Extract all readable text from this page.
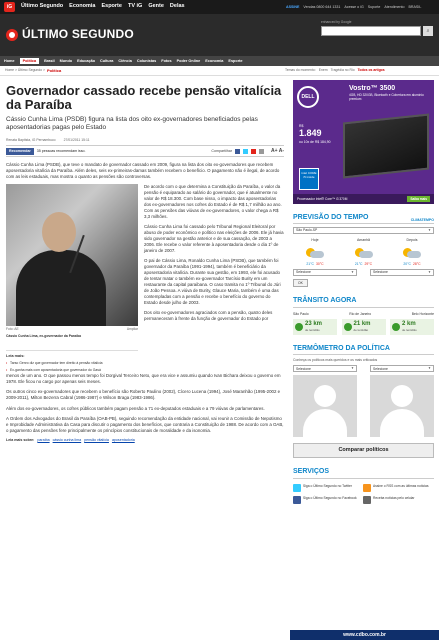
iG	Último Segundo Economia Esporte TV iG Gente Delas	ASSINE Vendas 0800 644 1331 Acesse o iG Suporte Atendimento BRASIL
ÚLTIMO SEGUNDO
enhanced by Google
⌕
Home	Política	Brasil Mundo Educação Cultura Ciência Colunistas Fotos Poder Online Economia Esporte
Home > Último Segundo > Política	Temas do momento: Enem Tragédia no Rio Todos os artigos
Governador cassado recebe pensão vitalícia da Paraíba
Cássio Cunha Lima (PSDB) figura na lista dos oito ex-governadores beneficiados pelas aposentadorias pagas pelo Estado
Renata Baptista, iG Pernambuco 27/01/2011 15:11
Recomendar	35 pessoas recomendam isso.	Compartilhar	A+ A-
Cássio Cunha Lima (PSDB), que teve o mandato de governador cassado em 2009, figura na lista dos oito ex-governadores que recebem aposentadoria vitalícia da Paraíba. Além deles, seis ex-primeiras-damas também recebem o benefício. O pagamento não é ilegal, de acordo com as leis estaduais, mas mostra o quanto as pensões são controversas.
Foto: AE	Ampliar
Cássio Cunha Lima, ex-governador da Paraíba
Leia mais:
• Tarso Genro diz que governador tem direito à pensão vitalícia
• Ex-ganha mais com aposentadoria que governador do Gasá

De acordo com o que determina a Constituição da Paraíba, o valor da pensão é equiparado ao salário do governador, que é atualmente no valor de R$ 18.300. Com base nisso, o impacto das aposentadorias dos ex-governadores nos cofres do Estado é de R$ 1,7 milhão ao ano. Com as pensões das viúvas de ex-governadores, o valor chega a R$ 3,3 milhões.

Cássio Cunha Lima foi cassado pelo Tribunal Regional Eleitoral por abuso de poder econômico e político nas eleições de 2006. Ele já havia sido governador na gestão anterior e de sua cassação, de 2003 a 2006. Ele recebe o valor referente à aposentadoria desde o dia 1º de janeiro de 2007.

O pai de Cássio Lima, Ronaldo Cunha Lima (PSDB), que também foi governador da Paraíba (1991-1994), também é beneficiário da aposentadoria vitalícia. Durante sua gestão, em 1993, ele foi acusado de tentar matar o também ex-governador Tarcísio Burity em um restaurante da capital paraibana. O caso tramita no 1º Tribunal do Júri de João Pessoa. A viúva de Burity, Glauce Maria, também é uma das contempladas com a pensão e recebe o benefício do governo do Estado desde julho de 2003.

Dos oito ex-governadores agraciados com a pensão, quatro deles permaneceram à frente da função de governador do Estado por

menos de um ano. O que passou menos tempo foi Dorgival Terceiro Neto, que era vice e assumiu quando Ivan Bichara deixou o governo em 1978. Ele ficou no cargo por apenas seis meses.

Os outros cinco ex-governadores que recebem o benefício são Roberto Paulino (2002), Cícero Lucena (1994), José Maranhão (1995-2002 e 2009-2011), Milton Bezerra Cabral (1986-1987) e Wilson Braga (1983-1986).

Além dos ex-governadores, os cofres públicos também pagam pensão a 71 ex-deputados estaduais e a 79 viúvas de parlamentares.

A Ordem dos Advogados do Brasil da Paraíba (OAB-PB), seguindo recomendação da entidade nacional, vai reunir a Comissão de Nepotismo e Improbidade Administrativa da Casa para discutir o pagamento dos benefícios, que contraria a Constituição de 1988. De acordo com a OAB, o pagamento das pensões fere principalmente os princípios constitucionais de moralidade e da isonomia.

Leia mais sobre: paraíba cássio cunha lima pensão vitalícia aposentadoria
DELL
Vostro™ 3500
4GB, HD 320GB, Bluetooth e Cobertura em alumínio premium
R$
1.849
ou 10x de R$ 184,90
intel CORE i5 inside
Processador Intel® Core™ i3 370M	Saiba mais
PREVISÃO DO TEMPO	CLIMATEMPO
São Paulo-SP	▼
Hoje
21°C 30°C
Amanhã
21°C 29°C
Depois
20°C 28°C
Selecione	▼	Selecione	▼
OK
TRÂNSITO AGORA
São Paulo	Rio de Janeiro	Belo Horizonte
23 km
de lentidão
21 km
de lentidão
2 km
de lentidão
TERMÔMETRO DA POLÍTICA
Conheça os políticos mais queridos e os mais criticados
Selecione	▼	Selecione	▼
Comparar políticos
SERVIÇOS
Siga o Último Segundo no Twitter	Assine o RSS com as últimas notícias
Siga o Último Segundo no Facebook	Receba notícias pelo celular
www.cdbo.com.br
